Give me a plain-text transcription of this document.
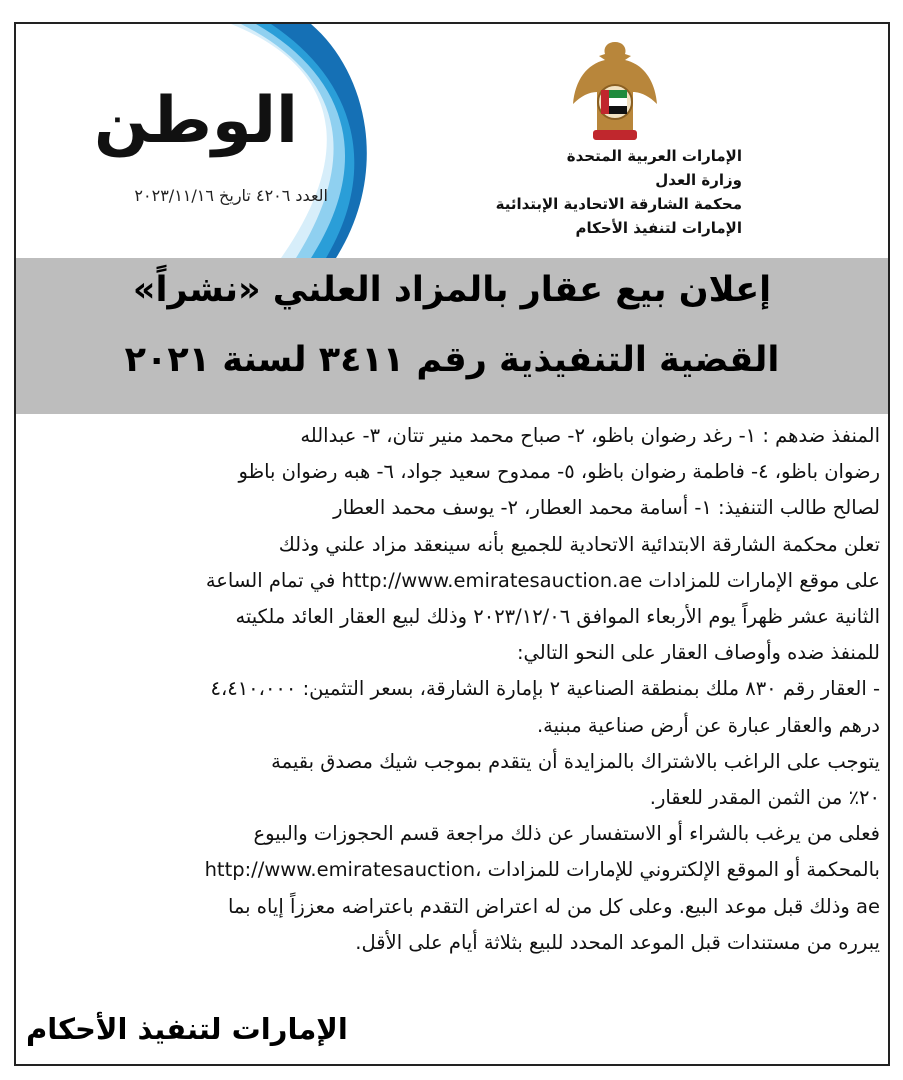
الوطن
العدد ٤٢٠٦ تاريخ ٢٠٢٣/١١/١٦
الإمارات العربية المتحدة
وزارة العدل
محكمة الشارقة الاتحادية الإبتدائية
الإمارات لتنفيذ الأحكام
إعلان بيع عقار بالمزاد العلني «نشراً»
القضية التنفيذية رقم ٣٤١١ لسنة ٢٠٢١

المنفذ ضدهم : ١- رغد رضوان باظو، ٢- صباح محمد منير تتان، ٣- عبدالله

رضوان باظو، ٤- فاطمة رضوان باظو، ٥- ممدوح سعيد جواد، ٦- هبه رضوان باظو

لصالح طالب التنفيذ: ١- أسامة محمد العطار، ٢- يوسف محمد العطار

تعلن محكمة الشارقة الابتدائية الاتحادية للجميع بأنه سينعقد مزاد علني وذلك

على موقع الإمارات للمزادات http://www.emiratesauction.ae في تمام الساعة

الثانية عشر ظهراً يوم الأربعاء الموافق ٢٠٢٣/١٢/٠٦ وذلك لبيع العقار العائد ملكيته

للمنفذ ضده وأوصاف العقار على النحو التالي:

- العقار رقم ٨٣٠ ملك بمنطقة الصناعية ٢ بإمارة الشارقة، بسعر التثمين: ٤،٤١٠،٠٠٠

درهم والعقار عبارة عن أرض صناعية مبنية.

يتوجب على الراغب بالاشتراك بالمزايدة أن يتقدم بموجب شيك مصدق بقيمة

٢٠٪ من الثمن المقدر للعقار.

فعلى من يرغب بالشراء أو الاستفسار عن ذلك مراجعة قسم الحجوزات والبيوع

بالمحكمة أو الموقع الإلكتروني للإمارات للمزادات ،http://www.emiratesauction

ae وذلك قبل موعد البيع. وعلى كل من له اعتراض التقدم باعتراضه معززاً إياه بما

يبرره من مستندات قبل الموعد المحدد للبيع بثلاثة أيام على الأقل.

الإمارات لتنفيذ الأحكام
